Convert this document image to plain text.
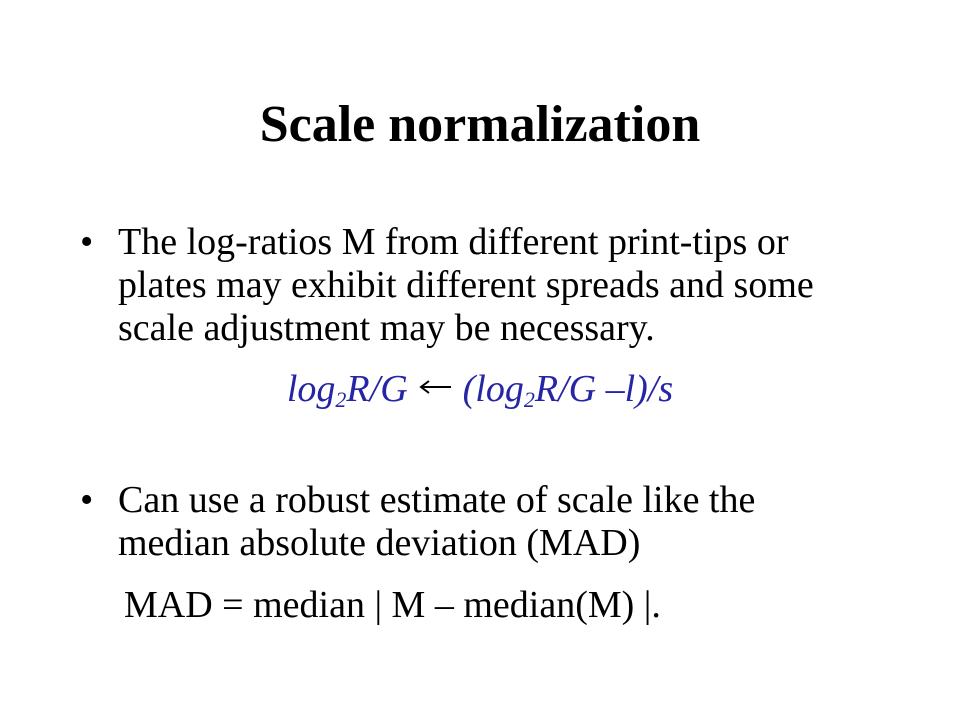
Scale normalization
• The log-ratios M from different print-tips or plates may exhibit different spreads and some scale adjustment may be necessary.
$\log_2R/G$ ($\log_2R/G$ –l)/s
• Can use a robust estimate of scale like the median absolute deviation (MAD)
MAD = median | M – median(M) |.
